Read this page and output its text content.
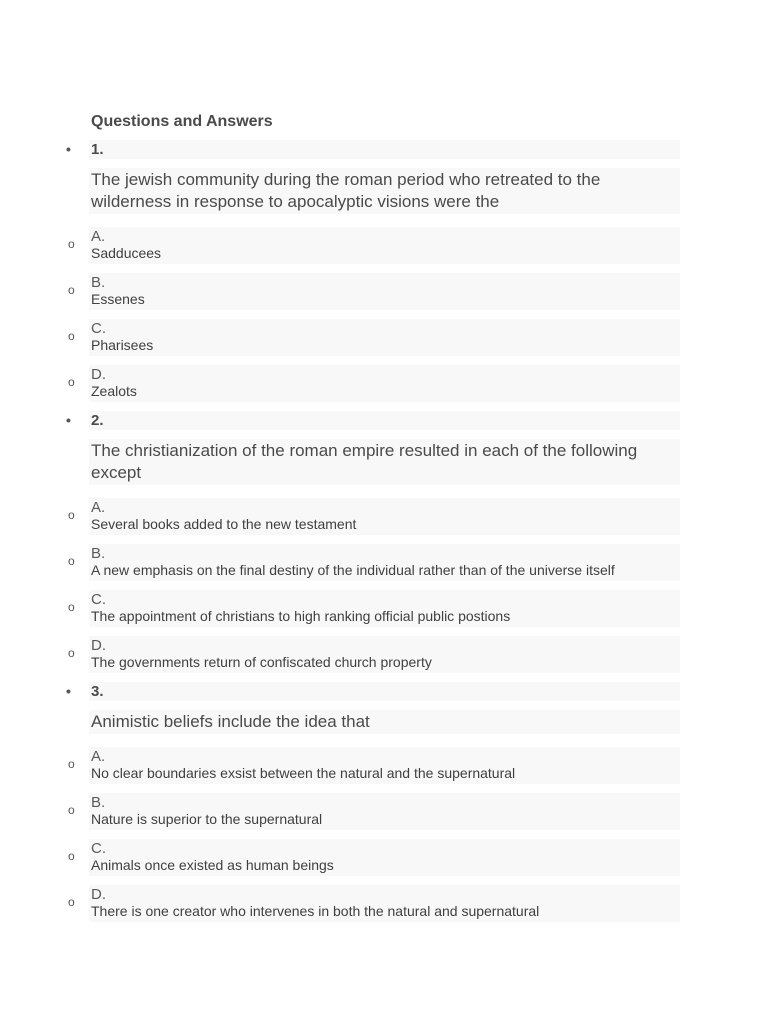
Questions and Answers
• 1.
The jewish community during the roman period who retreated to the wilderness in response to apocalyptic visions were the
o A.
Sadducees
o B.
Essenes
o C.
Pharisees
o D.
Zealots
• 2.
The christianization of the roman empire resulted in each of the following except
o A.
Several books added to the new testament
o B.
A new emphasis on the final destiny of the individual rather than of the universe itself
o C.
The appointment of christians to high ranking official public postions
o D.
The governments return of confiscated church property
• 3.
Animistic beliefs include the idea that
o A.
No clear boundaries exsist between the natural and the supernatural
o B.
Nature is superior to the supernatural
o C.
Animals once existed as human beings
o D.
There is one creator who intervenes in both the natural and supernatural
